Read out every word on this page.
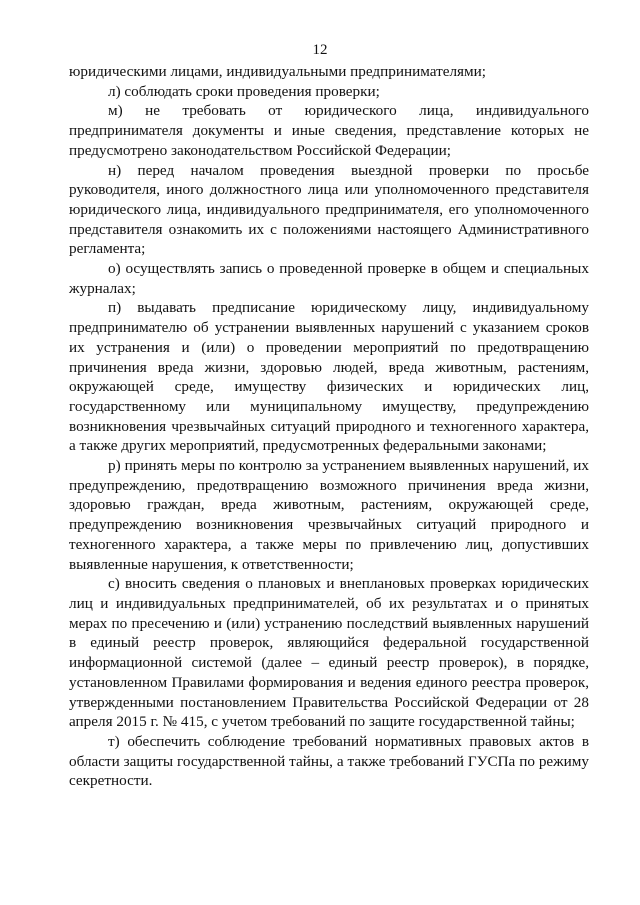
12

юридическими лицами, индивидуальными предпринимателями;

л) соблюдать сроки проведения проверки;

м) не требовать от юридического лица, индивидуального предпринимателя документы и иные сведения, представление которых не предусмотрено законодательством Российской Федерации;

н) перед началом проведения выездной проверки по просьбе руководителя, иного должностного лица или уполномоченного представителя юридического лица, индивидуального предпринимателя, его уполномоченного представителя ознакомить их с положениями настоящего Административного регламента;

о) осуществлять запись о проведенной проверке в общем и специальных журналах;

п) выдавать предписание юридическому лицу, индивидуальному предпринимателю об устранении выявленных нарушений с указанием сроков их устранения и (или) о проведении мероприятий по предотвращению причинения вреда жизни, здоровью людей, вреда животным, растениям, окружающей среде, имуществу физических и юридических лиц, государственному или муниципальному имуществу, предупреждению возникновения чрезвычайных ситуаций природного и техногенного характера, а также других мероприятий, предусмотренных федеральными законами;

р) принять меры по контролю за устранением выявленных нарушений, их предупреждению, предотвращению возможного причинения вреда жизни, здоровью граждан, вреда животным, растениям, окружающей среде, предупреждению возникновения чрезвычайных ситуаций природного и техногенного характера, а также меры по привлечению лиц, допустивших выявленные нарушения, к ответственности;

с) вносить сведения о плановых и внеплановых проверках юридических лиц и индивидуальных предпринимателей, об их результатах и о принятых мерах по пресечению и (или) устранению последствий выявленных нарушений в единый реестр проверок, являющийся федеральной государственной информационной системой (далее – единый реестр проверок), в порядке, установленном Правилами формирования и ведения единого реестра проверок, утвержденными постановлением Правительства Российской Федерации от 28 апреля 2015 г. № 415, с учетом требований по защите государственной тайны;

т) обеспечить соблюдение требований нормативных правовых актов в области защиты государственной тайны, а также требований ГУСПа по режиму секретности.
